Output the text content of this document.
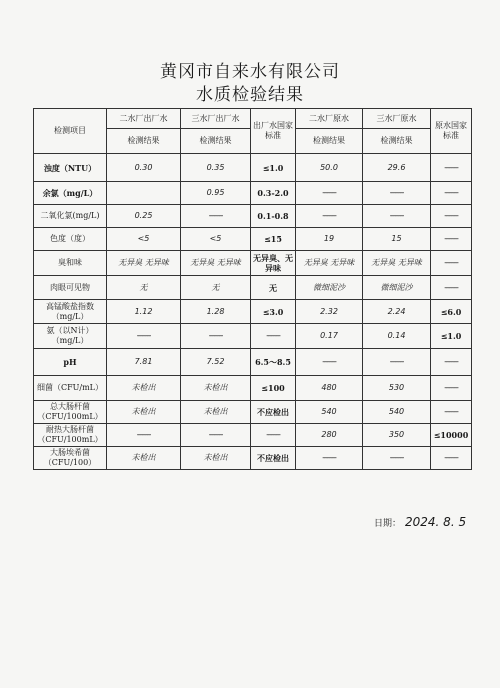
黄冈市自来水有限公司
水质检验结果
检测项目	二水厂出厂水	三水厂出厂水	出厂水国家标准	二水厂原水	三水厂原水	原水国家标准
	检测结果	检测结果		检测结果	检测结果	
浊度（NTU）	0.30	0.35	≤1.0	50.0	29.6	--------
余氯（mg/L）		0.95	0.3-2.0	--------	--------	--------
二氧化氯(mg/L)	0.25	--------	0.1-0.8	--------	--------	--------
色度（度）	<5	<5	≤15	19	15	--------
臭和味	无异臭 无异味	无异臭 无异味	无异臭、无异味	无异臭 无异味	无异臭 无异味	--------
肉眼可见物	无	无	无	微细泥沙	微细泥沙	--------
高锰酸盐指数（mg/L）	1.12	1.28	≤3.0	2.32	2.24	≤6.0
氨（以N计）（mg/L）	--------	--------	--------	0.17	0.14	≤1.0
pH	7.81	7.52	6.5～8.5	--------	--------	--------
细菌（CFU/mL）	未检出	未检出	≤100	480	530	--------
总大肠杆菌（CFU/100mL）	未检出	未检出	不应检出	540	540	--------
耐热大肠杆菌（CFU/100mL）	--------	--------	--------	280	350	≤10000
大肠埃希菌（CFU/100）	未检出	未检出	不应检出	--------	--------	--------
日期： 2024. 8. 5
